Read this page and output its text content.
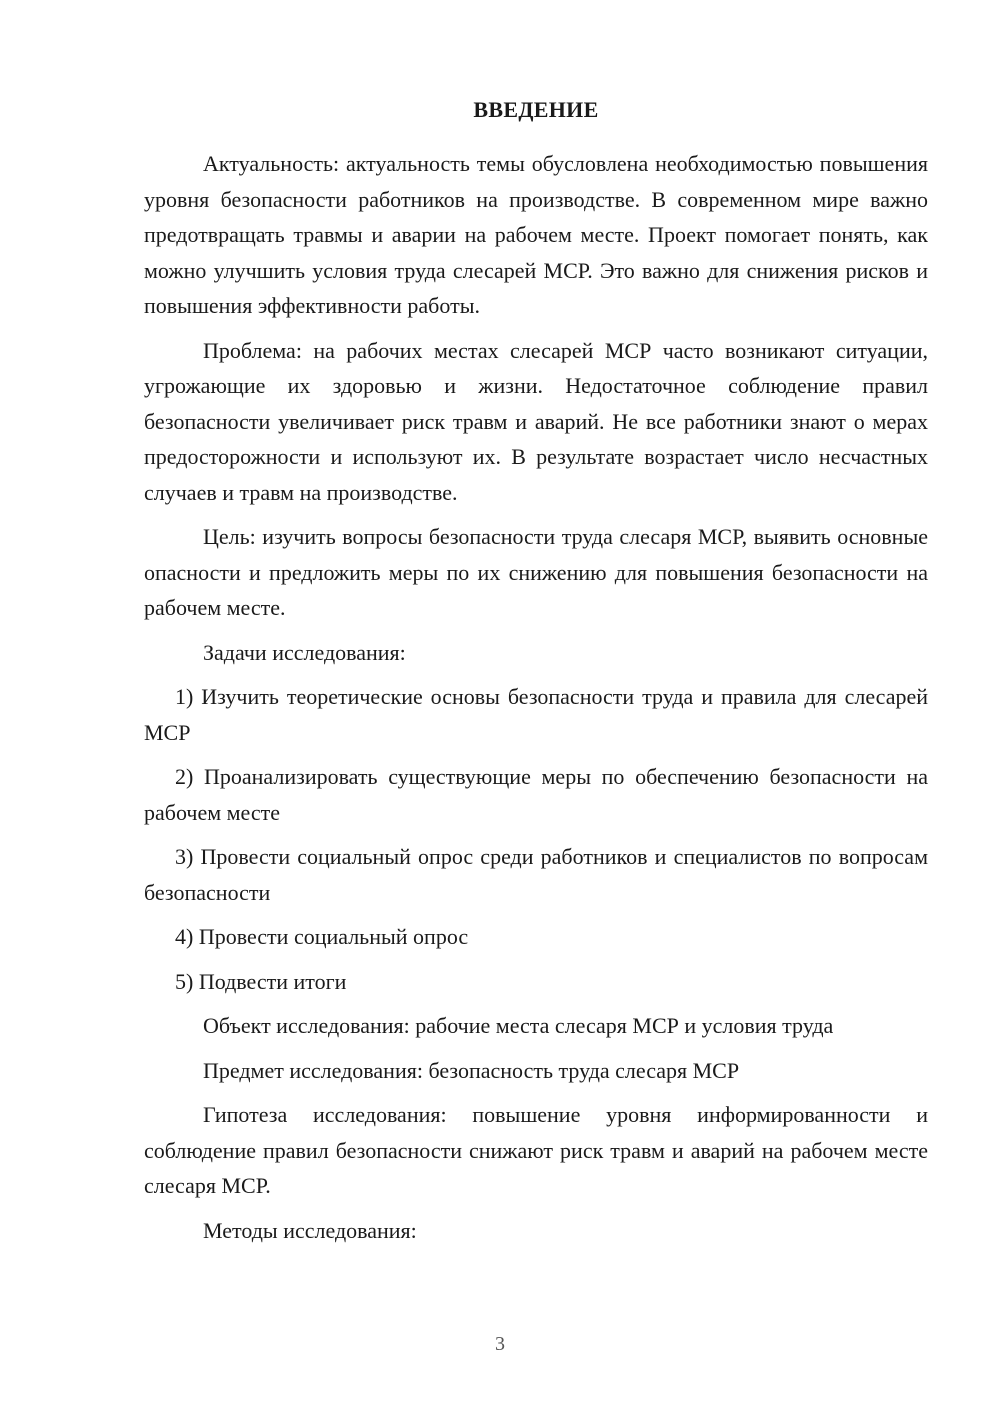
ВВЕДЕНИЕ

Актуальность: актуальность темы обусловлена необходимостью повышения уровня безопасности работников на производстве. В современном мире важно предотвращать травмы и аварии на рабочем месте. Проект помогает понять, как можно улучшить условия труда слесарей МСР. Это важно для снижения рисков и повышения эффективности работы.

Проблема: на рабочих местах слесарей МСР часто возникают ситуации, угрожающие их здоровью и жизни. Недостаточное соблюдение правил безопасности увеличивает риск травм и аварий. Не все работники знают о мерах предосторожности и используют их. В результате возрастает число несчастных случаев и травм на производстве.

Цель: изучить вопросы безопасности труда слесаря МСР, выявить основные опасности и предложить меры по их снижению для повышения безопасности на рабочем месте.

Задачи исследования:

1) Изучить теоретические основы безопасности труда и правила для слесарей МСР

2) Проанализировать существующие меры по обеспечению безопасности на рабочем месте

3) Провести социальный опрос среди работников и специалистов по вопросам безопасности

4) Провести социальный опрос

5) Подвести итоги

Объект исследования: рабочие места слесаря МСР и условия труда

Предмет исследования: безопасность труда слесаря МСР

Гипотеза исследования: повышение уровня информированности и соблюдение правил безопасности снижают риск травм и аварий на рабочем месте слесаря МСР.

Методы исследования:

3
